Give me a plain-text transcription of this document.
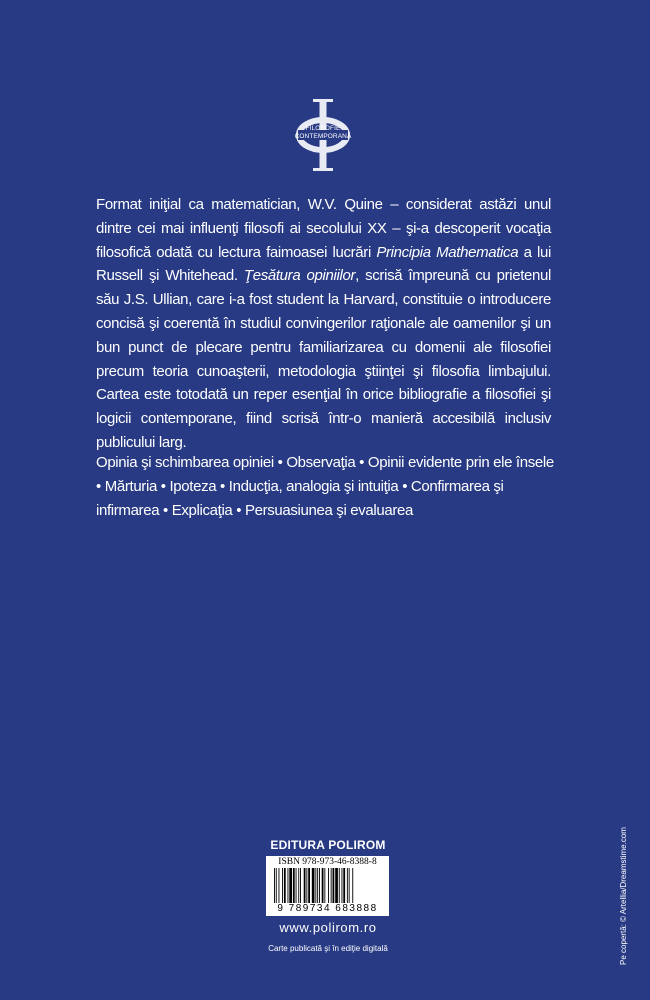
FILOSOFIE CONTEMPORANĂ

Format iniţial ca matematician, W.V. Quine – considerat astăzi unul dintre cei mai influenţi filosofi ai secolului XX – şi-a descoperit vocaţia filosofică odată cu lectura faimoasei lucrări Principia Mathematica a lui Russell şi Whitehead. Ţesătura opiniilor, scrisă împreună cu prietenul său J.S. Ullian, care i-a fost student la Harvard, constituie o introducere concisă şi coerentă în studiul convingerilor raţionale ale oamenilor şi un bun punct de plecare pentru familiarizarea cu domenii ale filosofiei precum teoria cunoaşterii, metodologia ştiinţei şi filosofia limbajului. Cartea este totodată un reper esenţial în orice bibliografie a filosofiei şi logicii contemporane, fiind scrisă într-o manieră accesibilă inclusiv publicului larg.

Opinia şi schimbarea opiniei • Observaţia • Opinii evidente prin ele însele • Mărturia • Ipoteza • Inducţia, analogia şi intuiţia • Confirmarea şi infirmarea • Explicaţia • Persuasiunea şi evaluarea
EDITURA POLIROM
ISBN 978-973-46-8388-8
9 789734 683888
www.polirom.ro
Carte publicată şi în ediţie digitală	Pe copertă: © Artellia/Dreamstime.com
